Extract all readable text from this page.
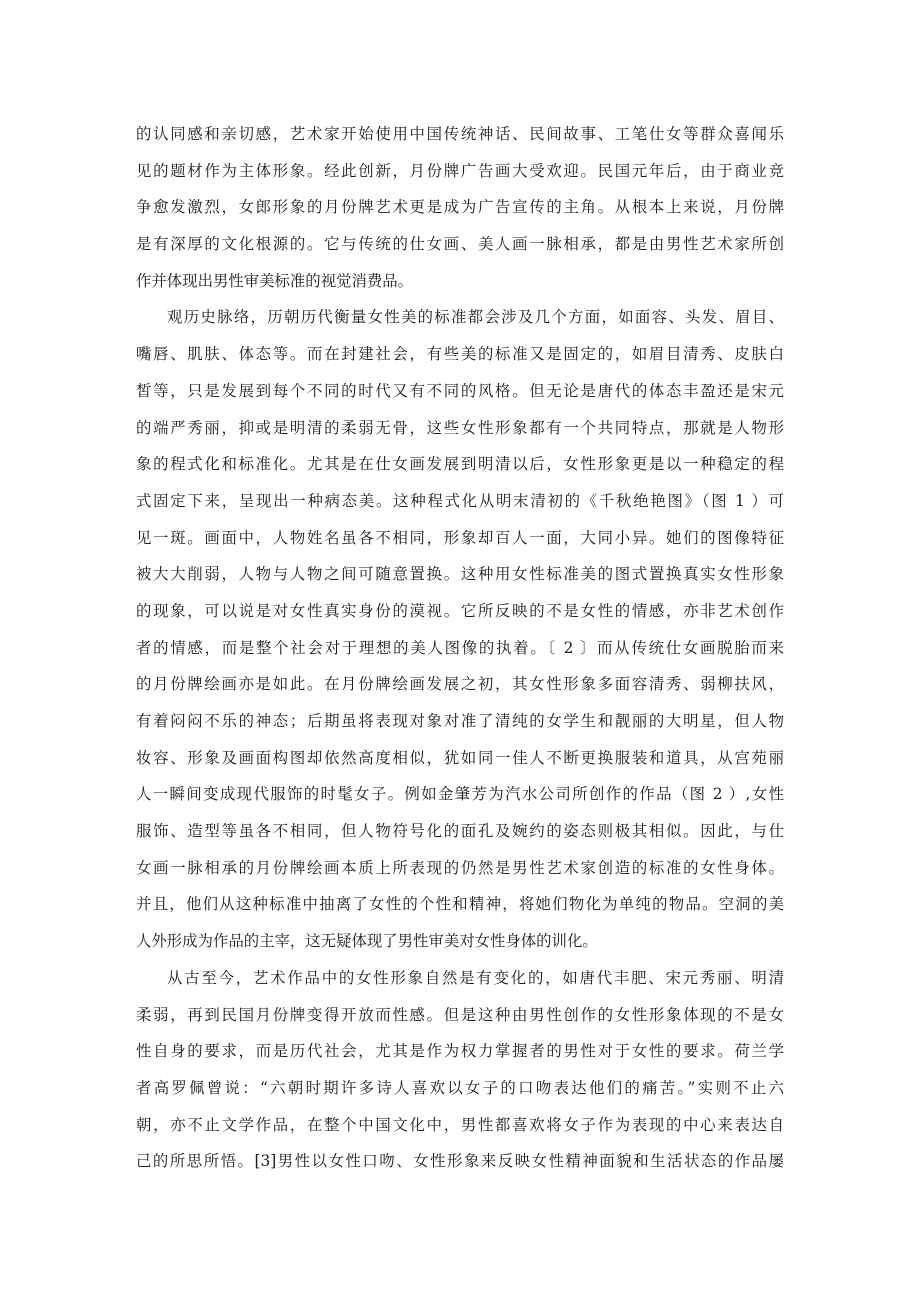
的认同感和亲切感，艺术家开始使用中国传统神话、民间故事、工笔仕女等群众喜闻乐
见的题材作为主体形象。经此创新，月份牌广告画大受欢迎。民国元年后，由于商业竞
争愈发激烈，女郎形象的月份牌艺术更是成为广告宣传的主角。从根本上来说，月份牌
是有深厚的文化根源的。它与传统的仕女画、美人画一脉相承，都是由男性艺术家所创
作并体现出男性审美标准的视觉消费品。
观历史脉络，历朝历代衡量女性美的标准都会涉及几个方面，如面容、头发、眉目、
嘴唇、肌肤、体态等。而在封建社会，有些美的标准又是固定的，如眉目清秀、皮肤白
皙等，只是发展到每个不同的时代又有不同的风格。但无论是唐代的体态丰盈还是宋元
的端严秀丽，抑或是明清的柔弱无骨，这些女性形象都有一个共同特点，那就是人物形
象的程式化和标准化。尤其是在仕女画发展到明清以后，女性形象更是以一种稳定的程
式固定下来，呈现出一种病态美。这种程式化从明末清初的《千秋绝艳图》（图 1 ）可
见一斑。画面中，人物姓名虽各不相同，形象却百人一面，大同小异。她们的图像特征
被大大削弱，人物与人物之间可随意置换。这种用女性标准美的图式置换真实女性形象
的现象，可以说是对女性真实身份的漠视。它所反映的不是女性的情感，亦非艺术创作
者的情感，而是整个社会对于理想的美人图像的执着。〔 2 〕而从传统仕女画脱胎而来
的月份牌绘画亦是如此。在月份牌绘画发展之初，其女性形象多面容清秀、弱柳扶风，
有着闷闷不乐的神态；后期虽将表现对象对准了清纯的女学生和靓丽的大明星，但人物
妆容、形象及画面构图却依然高度相似，犹如同一佳人不断更换服装和道具，从宫苑丽
人一瞬间变成现代服饰的时髦女子。例如金肇芳为汽水公司所创作的作品（图 2 ）,女性
服饰、造型等虽各不相同，但人物符号化的面孔及婉约的姿态则极其相似。因此，与仕
女画一脉相承的月份牌绘画本质上所表现的仍然是男性艺术家创造的标准的女性身体。
并且，他们从这种标准中抽离了女性的个性和精神，将她们物化为单纯的物品。空洞的美
人外形成为作品的主宰，这无疑体现了男性审美对女性身体的训化。
从古至今，艺术作品中的女性形象自然是有变化的，如唐代丰肥、宋元秀丽、明清
柔弱，再到民国月份牌变得开放而性感。但是这种由男性创作的女性形象体现的不是女
性自身的要求，而是历代社会，尤其是作为权力掌握者的男性对于女性的要求。荷兰学
者高罗佩曾说：“六朝时期许多诗人喜欢以女子的口吻表达他们的痛苦。”实则不止六
朝，亦不止文学作品，在整个中国文化中，男性都喜欢将女子作为表现的中心来表达自
己的所思所悟。[3]男性以女性口吻、女性形象来反映女性精神面貌和生活状态的作品屡
